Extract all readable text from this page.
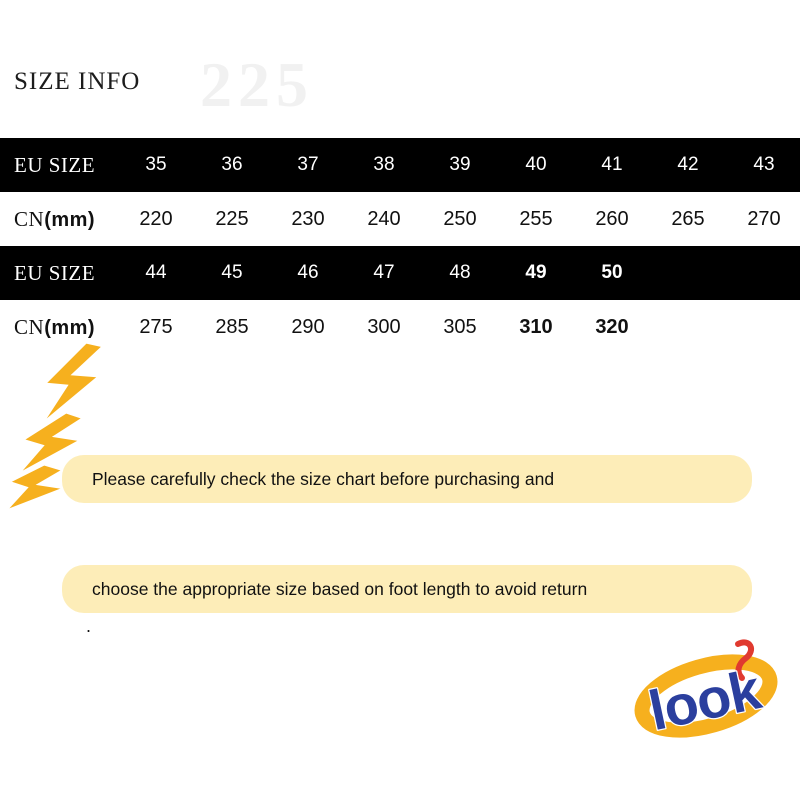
225
SIZE INFO
EU SIZE	35	36	37	38	39	40	41	42	43
CN(mm)	220	225	230	240	250	255	260	265	270
EU SIZE	44	45	46	47	48	49	50
CN(mm)	275	285	290	300	305	310	320
Please carefully check the size chart before purchasing and
choose the appropriate size based on foot length to avoid return
.
look
